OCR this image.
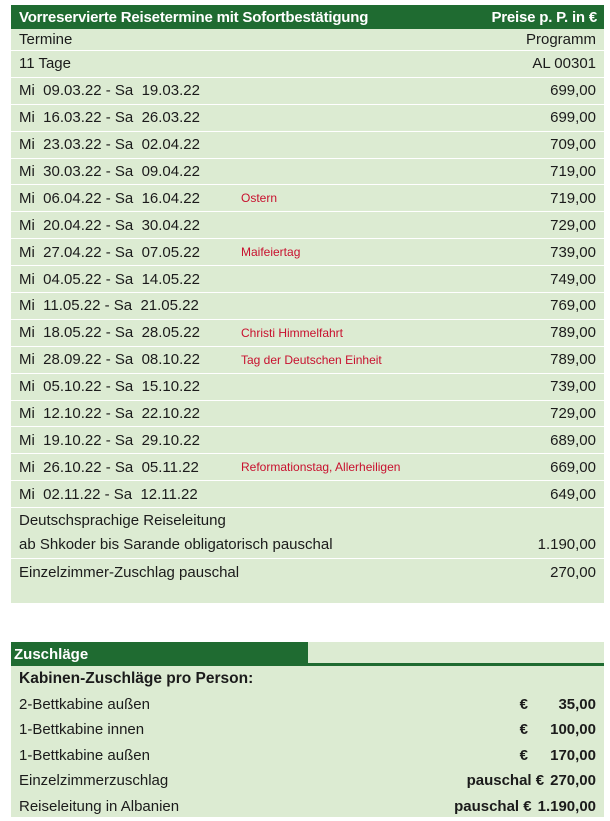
Vorreservierte Reisetermine mit Sofortbestätigung	Preise p. P. in €
Termine	Programm
11 Tage	AL 00301
Mi  09.03.22 - Sa  19.03.22	699,00
Mi  16.03.22 - Sa  26.03.22	699,00
Mi  23.03.22 - Sa  02.04.22	709,00
Mi  30.03.22 - Sa  09.04.22	719,00
Mi  06.04.22 - Sa  16.04.22	Ostern	719,00
Mi  20.04.22 - Sa  30.04.22	729,00
Mi  27.04.22 - Sa  07.05.22	Maifeiertag	739,00
Mi  04.05.22 - Sa  14.05.22	749,00
Mi  11.05.22 - Sa  21.05.22	769,00
Mi  18.05.22 - Sa  28.05.22	Christi Himmelfahrt	789,00
Mi  28.09.22 - Sa  08.10.22	Tag der Deutschen Einheit	789,00
Mi  05.10.22 - Sa  15.10.22	739,00
Mi  12.10.22 - Sa  22.10.22	729,00
Mi  19.10.22 - Sa  29.10.22	689,00
Mi  26.10.22 - Sa  05.11.22	Reformationstag, Allerheiligen	669,00
Mi  02.11.22 - Sa  12.11.22	649,00
Deutschsprachige Reiseleitung
ab Shkoder bis Sarande obligatorisch pauschal	1.190,00
Einzelzimmer-Zuschlag pauschal	270,00
Zuschläge
Kabinen-Zuschläge pro Person:
2-Bettkabine außen	€	35,00
1-Bettkabine innen	€	100,00
1-Bettkabine außen	€	170,00
Einzelzimmerzuschlag	pauschal € 270,00
Reiseleitung in Albanien	pauschal € 1.190,00
